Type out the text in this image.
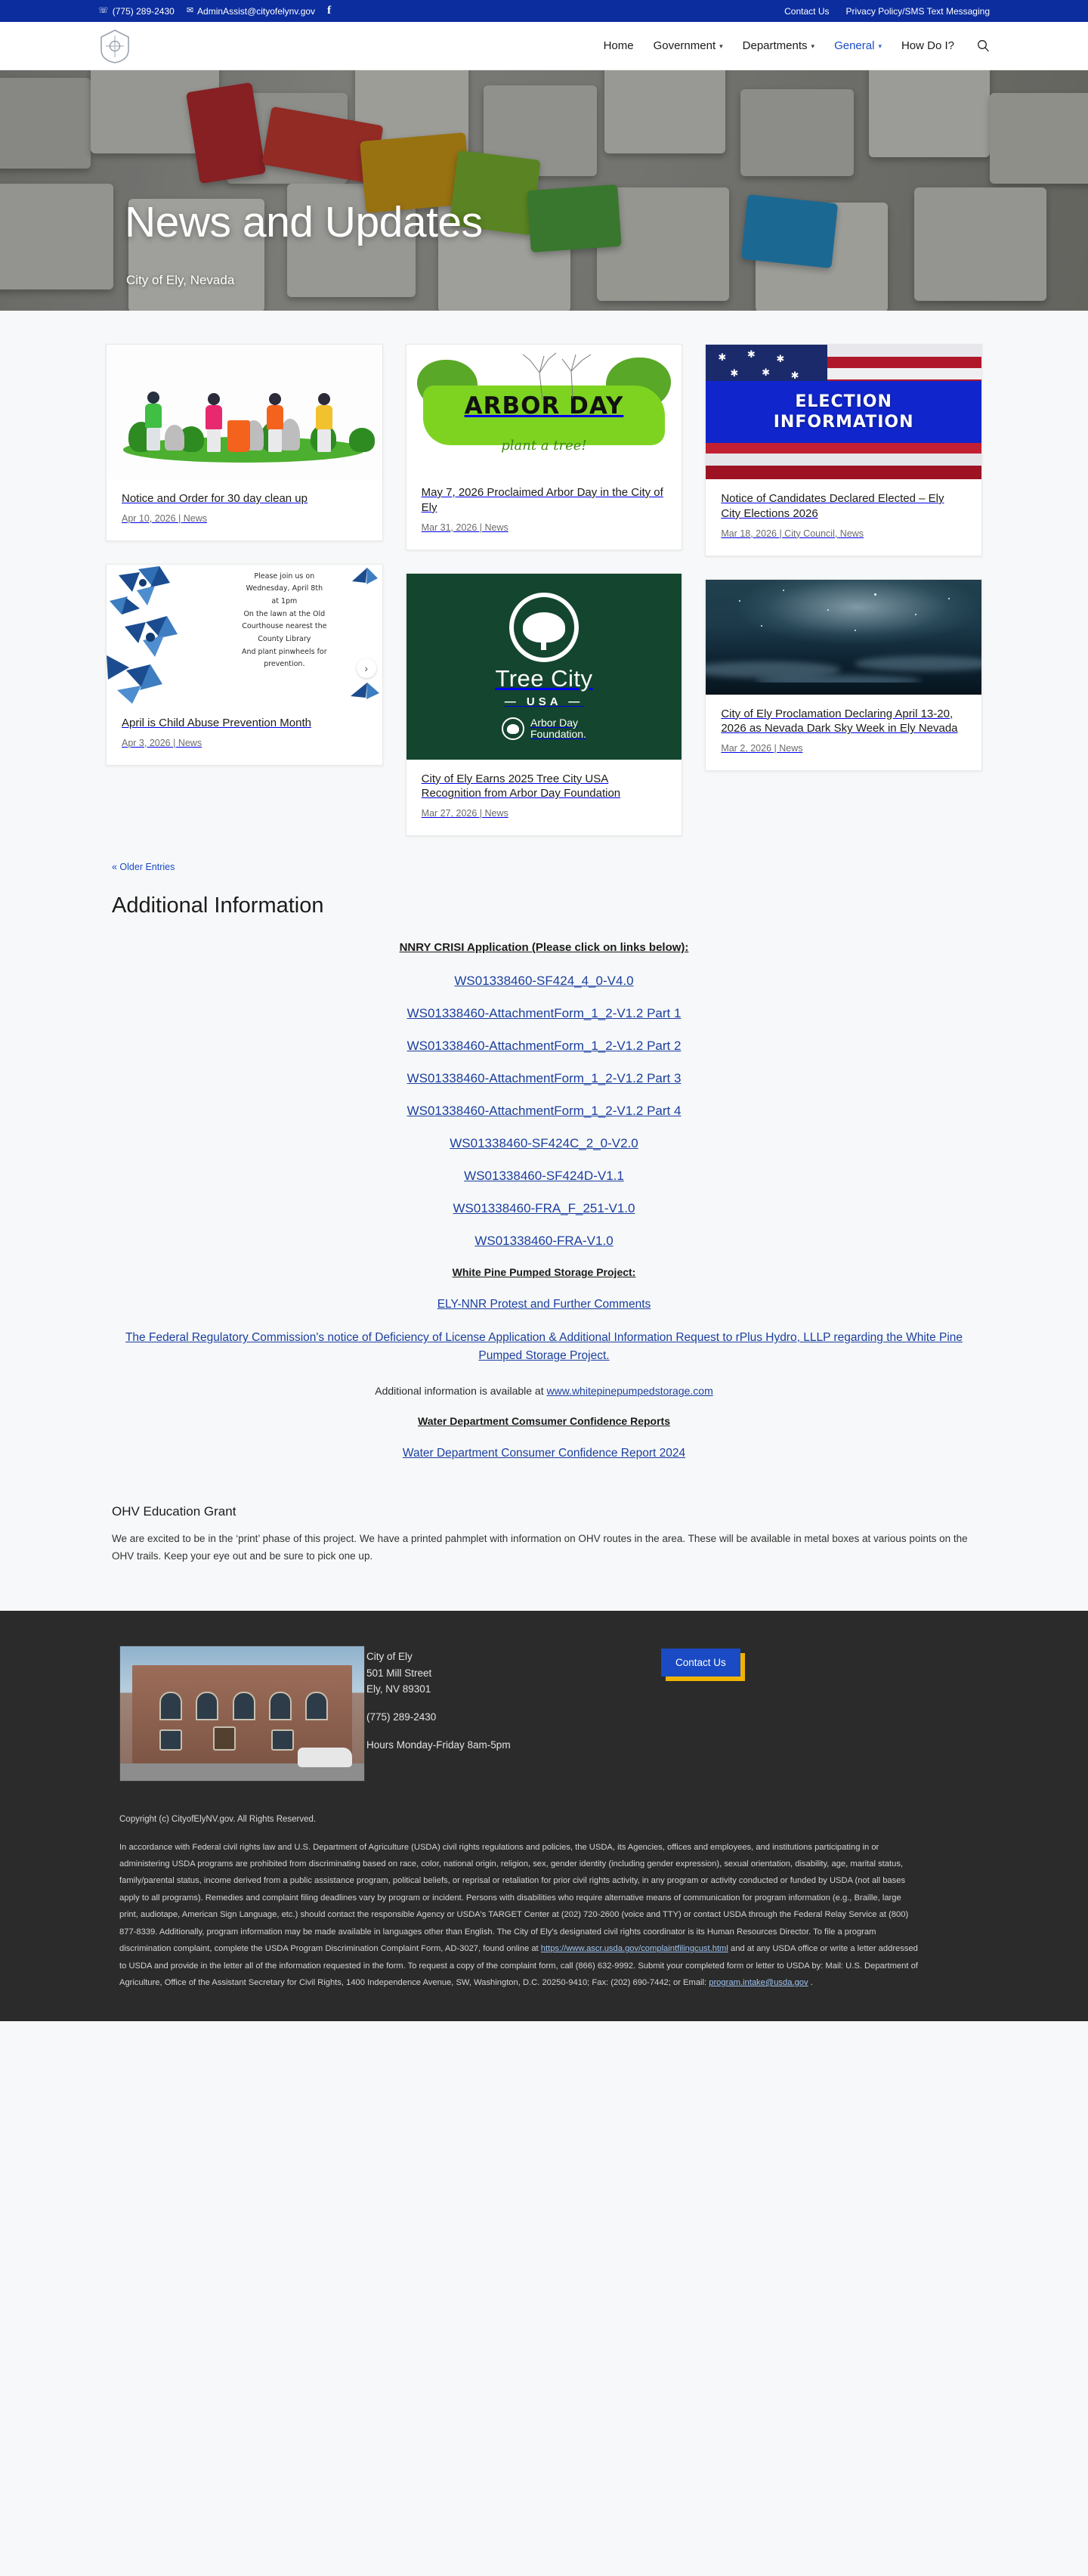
☏ (775) 289-2430 ✉ AdminAssist@cityofelynv.gov f	Contact Us Privacy Policy/SMS Text Messaging
Home Government ▾ Departments ▾ General ▾ How Do I?
News and Updates
City of Ely, Nevada
Notice and Order for 30 day clean up
Apr 10, 2026 | News

Please join us on
Wednesday, April 8th
at 1pm
On the lawn at the Old
Courthouse nearest the
County Library
And plant pinwheels for
prevention.	›
April is Child Abuse Prevention Month
Apr 3, 2026 | News

ARBOR DAY
plant a tree!
May 7, 2026 Proclaimed Arbor Day in the City of Ely
Mar 31, 2026 | News

Tree City
— USA —
Arbor Day
Foundation.
City of Ely Earns 2025 Tree City USA Recognition from Arbor Day Foundation
Mar 27, 2026 | News

✱ ✱ ✱
✱ ✱ ✱
ELECTION
INFORMATION
Notice of Candidates Declared Elected – Ely City Elections 2026
Mar 18, 2026 | City Council, News

City of Ely Proclamation Declaring April 13-20, 2026 as Nevada Dark Sky Week in Ely Nevada
Mar 2, 2026 | News
« Older Entries
Additional Information
NNRY CRISI Application (Please click on links below):
WS01338460-SF424_4_0-V4.0
WS01338460-AttachmentForm_1_2-V1.2 Part 1
WS01338460-AttachmentForm_1_2-V1.2 Part 2
WS01338460-AttachmentForm_1_2-V1.2 Part 3
WS01338460-AttachmentForm_1_2-V1.2 Part 4
WS01338460-SF424C_2_0-V2.0
WS01338460-SF424D-V1.1
WS01338460-FRA_F_251-V1.0
WS01338460-FRA-V1.0
White Pine Pumped Storage Project:
ELY-NNR Protest and Further Comments
The Federal Regulatory Commission's notice of Deficiency of License Application & Additional Information Request to rPlus Hydro, LLLP regarding the White Pine Pumped Storage Project.
Additional information is available at www.whitepinepumpedstorage.com
Water Department Comsumer Confidence Reports
Water Department Consumer Confidence Report 2024
OHV Education Grant

We are excited to be in the ‘print’ phase of this project. We have a printed pahmplet with information on OHV routes in the area. These will be available in metal boxes at various points on the OHV trails. Keep your eye out and be sure to pick one up.

City of Ely
501 Mill Street
Ely, NV 89301
(775) 289-2430
Hours Monday-Friday 8am-5pm
Contact Us
Copyright (c) CityofElyNV.gov. All Rights Reserved.
In accordance with Federal civil rights law and U.S. Department of Agriculture (USDA) civil rights regulations and policies, the USDA, its Agencies, offices and employees, and institutions participating in or administering USDA programs are prohibited from discriminating based on race, color, national origin, religion, sex, gender identity (including gender expression), sexual orientation, disability, age, marital status, family/parental status, income derived from a public assistance program, political beliefs, or reprisal or retaliation for prior civil rights activity, in any program or activity conducted or funded by USDA (not all bases apply to all programs). Remedies and complaint filing deadlines vary by program or incident. Persons with disabilities who require alternative means of communication for program information (e.g., Braille, large print, audiotape, American Sign Language, etc.) should contact the responsible Agency or USDA's TARGET Center at (202) 720-2600 (voice and TTY) or contact USDA through the Federal Relay Service at (800) 877-8339. Additionally, program information may be made available in languages other than English. The City of Ely's designated civil rights coordinator is its Human Resources Director. To file a program discrimination complaint, complete the USDA Program Discrimination Complaint Form, AD-3027, found online at https://www.ascr.usda.gov/complaintfilingcust.html and at any USDA office or write a letter addressed to USDA and provide in the letter all of the information requested in the form. To request a copy of the complaint form, call (866) 632-9992. Submit your completed form or letter to USDA by: Mail: U.S. Department of Agriculture, Office of the Assistant Secretary for Civil Rights, 1400 Independence Avenue, SW, Washington, D.C. 20250-9410; Fax: (202) 690-7442; or Email: program.intake@usda.gov .
